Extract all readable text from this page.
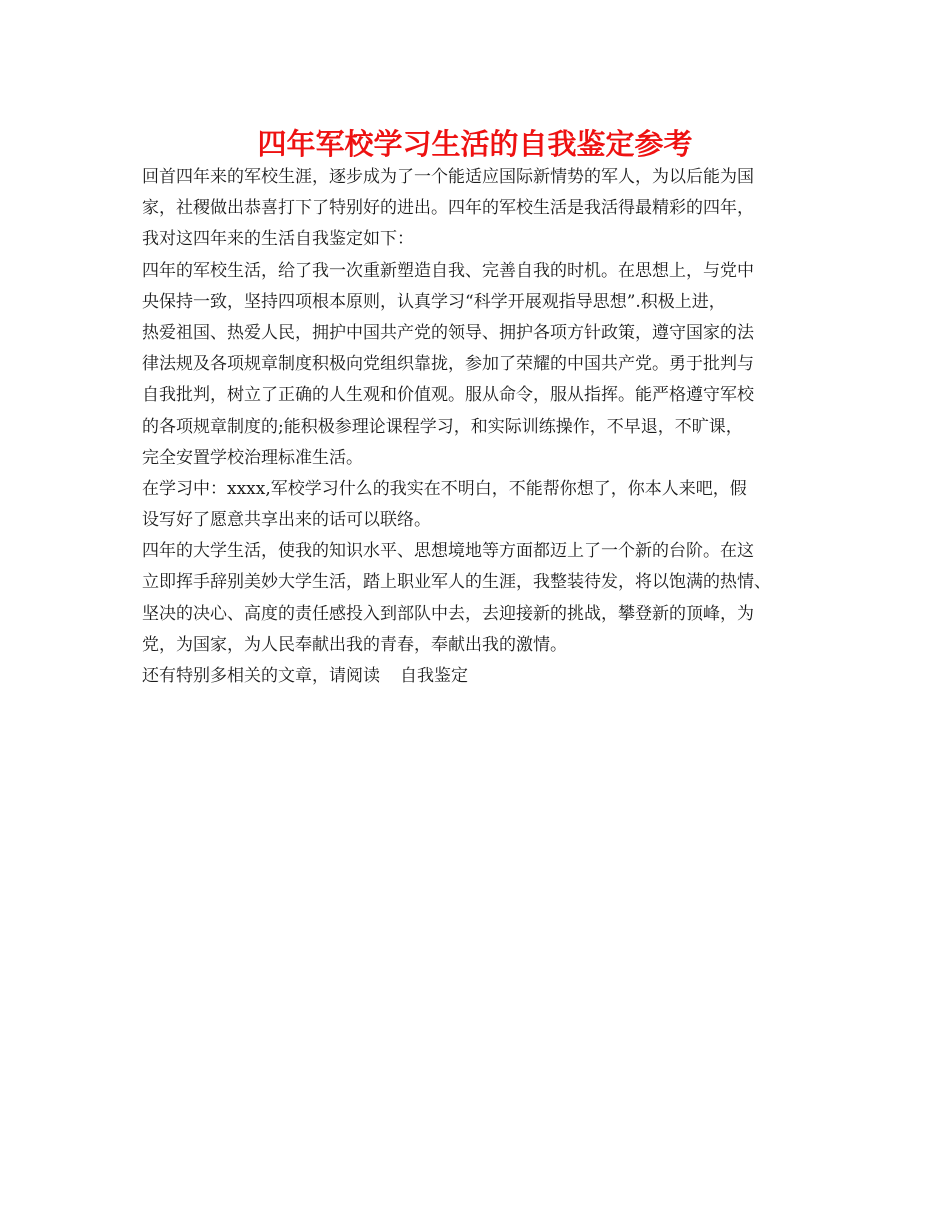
四年军校学习生活的自我鉴定参考
回首四年来的军校生涯，逐步成为了一个能适应国际新情势的军人，为以后能为国
家，社稷做出恭喜打下了特别好的进出。四年的军校生活是我活得最精彩的四年，
我对这四年来的生活自我鉴定如下：
四年的军校生活，给了我一次重新塑造自我、完善自我的时机。在思想上，与党中
央保持一致，坚持四项根本原则，认真学习“科学开展观指导思想”.积极上进，
热爱祖国、热爱人民，拥护中国共产党的领导、拥护各项方针政策，遵守国家的法
律法规及各项规章制度积极向党组织靠拢，参加了荣耀的中国共产党。勇于批判与
自我批判，树立了正确的人生观和价值观。服从命令，服从指挥。能严格遵守军校
的各项规章制度的;能积极参理论课程学习，和实际训练操作，不早退，不旷课，
完全安置学校治理标准生活。
在学习中：xxxx,军校学习什么的我实在不明白，不能帮你想了，你本人来吧，假
设写好了愿意共享出来的话可以联络。
四年的大学生活，使我的知识水平、思想境地等方面都迈上了一个新的台阶。在这
立即挥手辞别美妙大学生活，踏上职业军人的生涯，我整装待发，将以饱满的热情、
坚决的决心、高度的责任感投入到部队中去，去迎接新的挑战，攀登新的顶峰，为
党，为国家，为人民奉献出我的青春，奉献出我的激情。
还有特别多相关的文章，请阅读 自我鉴定
